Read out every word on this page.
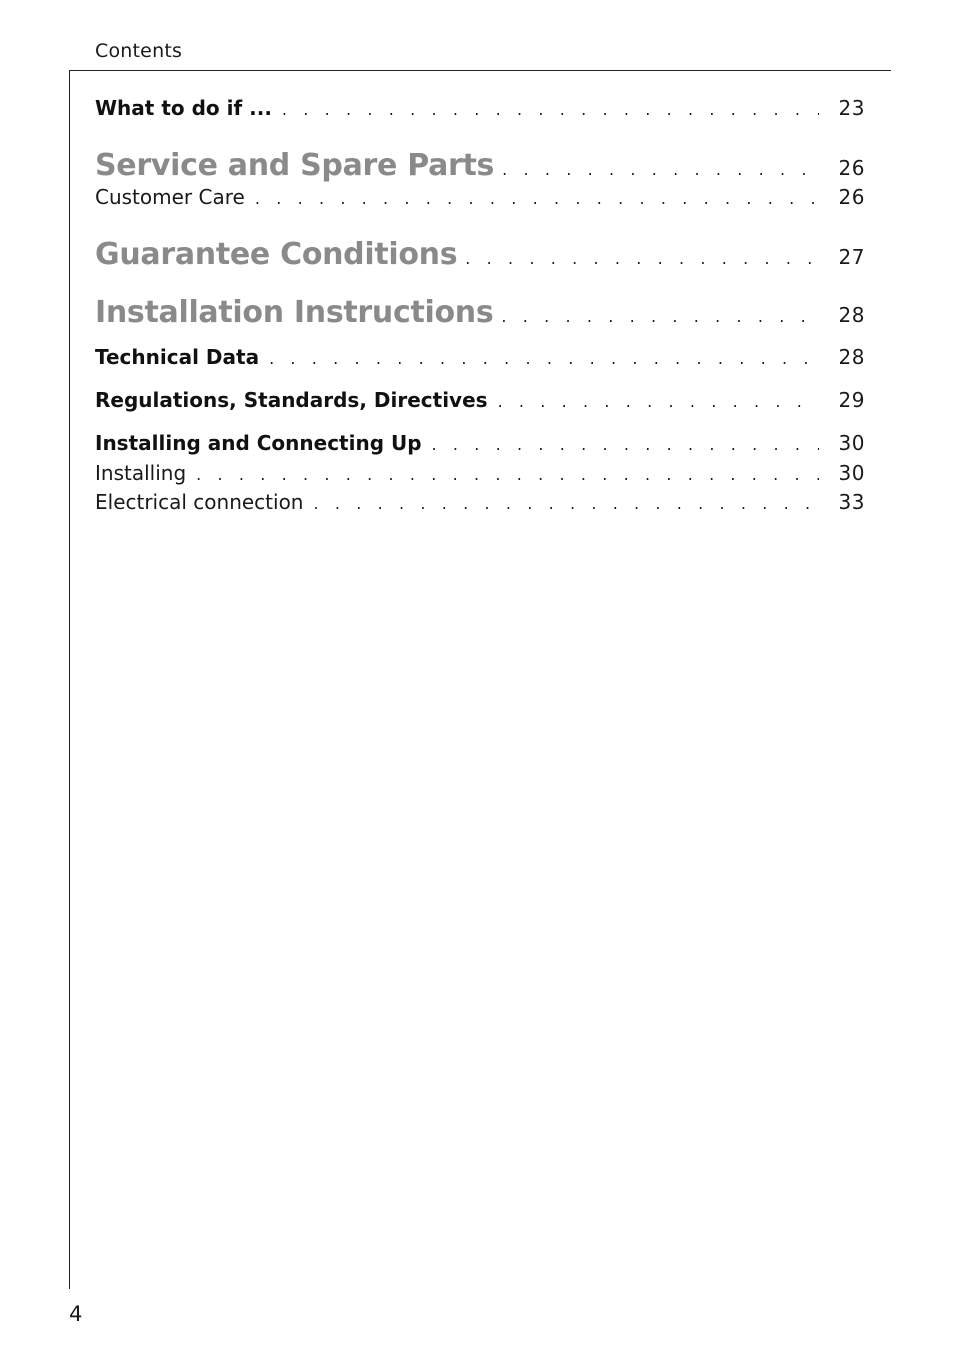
Contents
What to do if ... . . .	23
Service and Spare Parts . . .	26
Customer Care . . .	26
Guarantee Conditions . . .	27
Installation Instructions . . .	28
Technical Data . . .	28
Regulations, Standards, Directives . . .	29
Installing and Connecting Up . . .	30
Installing . . .	30
Electrical connection . . .	33
4
